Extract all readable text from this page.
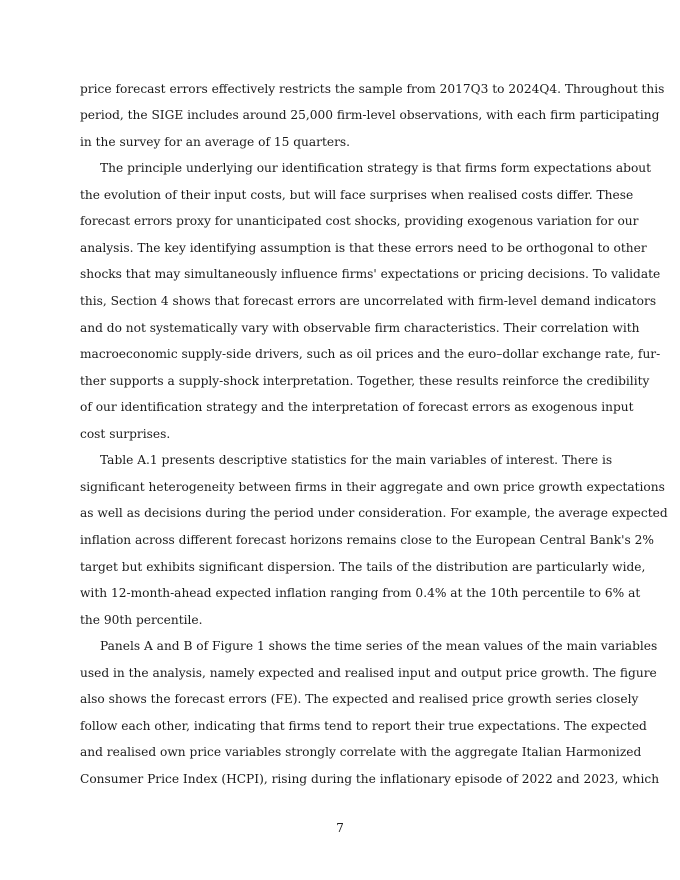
price forecast errors effectively restricts the sample from 2017Q3 to 2024Q4. Throughout this
period, the SIGE includes around 25,000 firm-level observations, with each firm participating
in the survey for an average of 15 quarters.
The principle underlying our identification strategy is that firms form expectations about
the evolution of their input costs, but will face surprises when realised costs differ. These
forecast errors proxy for unanticipated cost shocks, providing exogenous variation for our
analysis. The key identifying assumption is that these errors need to be orthogonal to other
shocks that may simultaneously influence firms' expectations or pricing decisions. To validate
this, Section 4 shows that forecast errors are uncorrelated with firm-level demand indicators
and do not systematically vary with observable firm characteristics. Their correlation with
macroeconomic supply-side drivers, such as oil prices and the euro–dollar exchange rate, fur-
ther supports a supply-shock interpretation. Together, these results reinforce the credibility
of our identification strategy and the interpretation of forecast errors as exogenous input
cost surprises.
Table A.1 presents descriptive statistics for the main variables of interest. There is
significant heterogeneity between firms in their aggregate and own price growth expectations
as well as decisions during the period under consideration. For example, the average expected
inflation across different forecast horizons remains close to the European Central Bank's 2%
target but exhibits significant dispersion. The tails of the distribution are particularly wide,
with 12-month-ahead expected inflation ranging from 0.4% at the 10th percentile to 6% at
the 90th percentile.
Panels A and B of Figure 1 shows the time series of the mean values of the main variables
used in the analysis, namely expected and realised input and output price growth. The figure
also shows the forecast errors (FE). The expected and realised price growth series closely
follow each other, indicating that firms tend to report their true expectations. The expected
and realised own price variables strongly correlate with the aggregate Italian Harmonized
Consumer Price Index (HCPI), rising during the inflationary episode of 2022 and 2023, which
7
